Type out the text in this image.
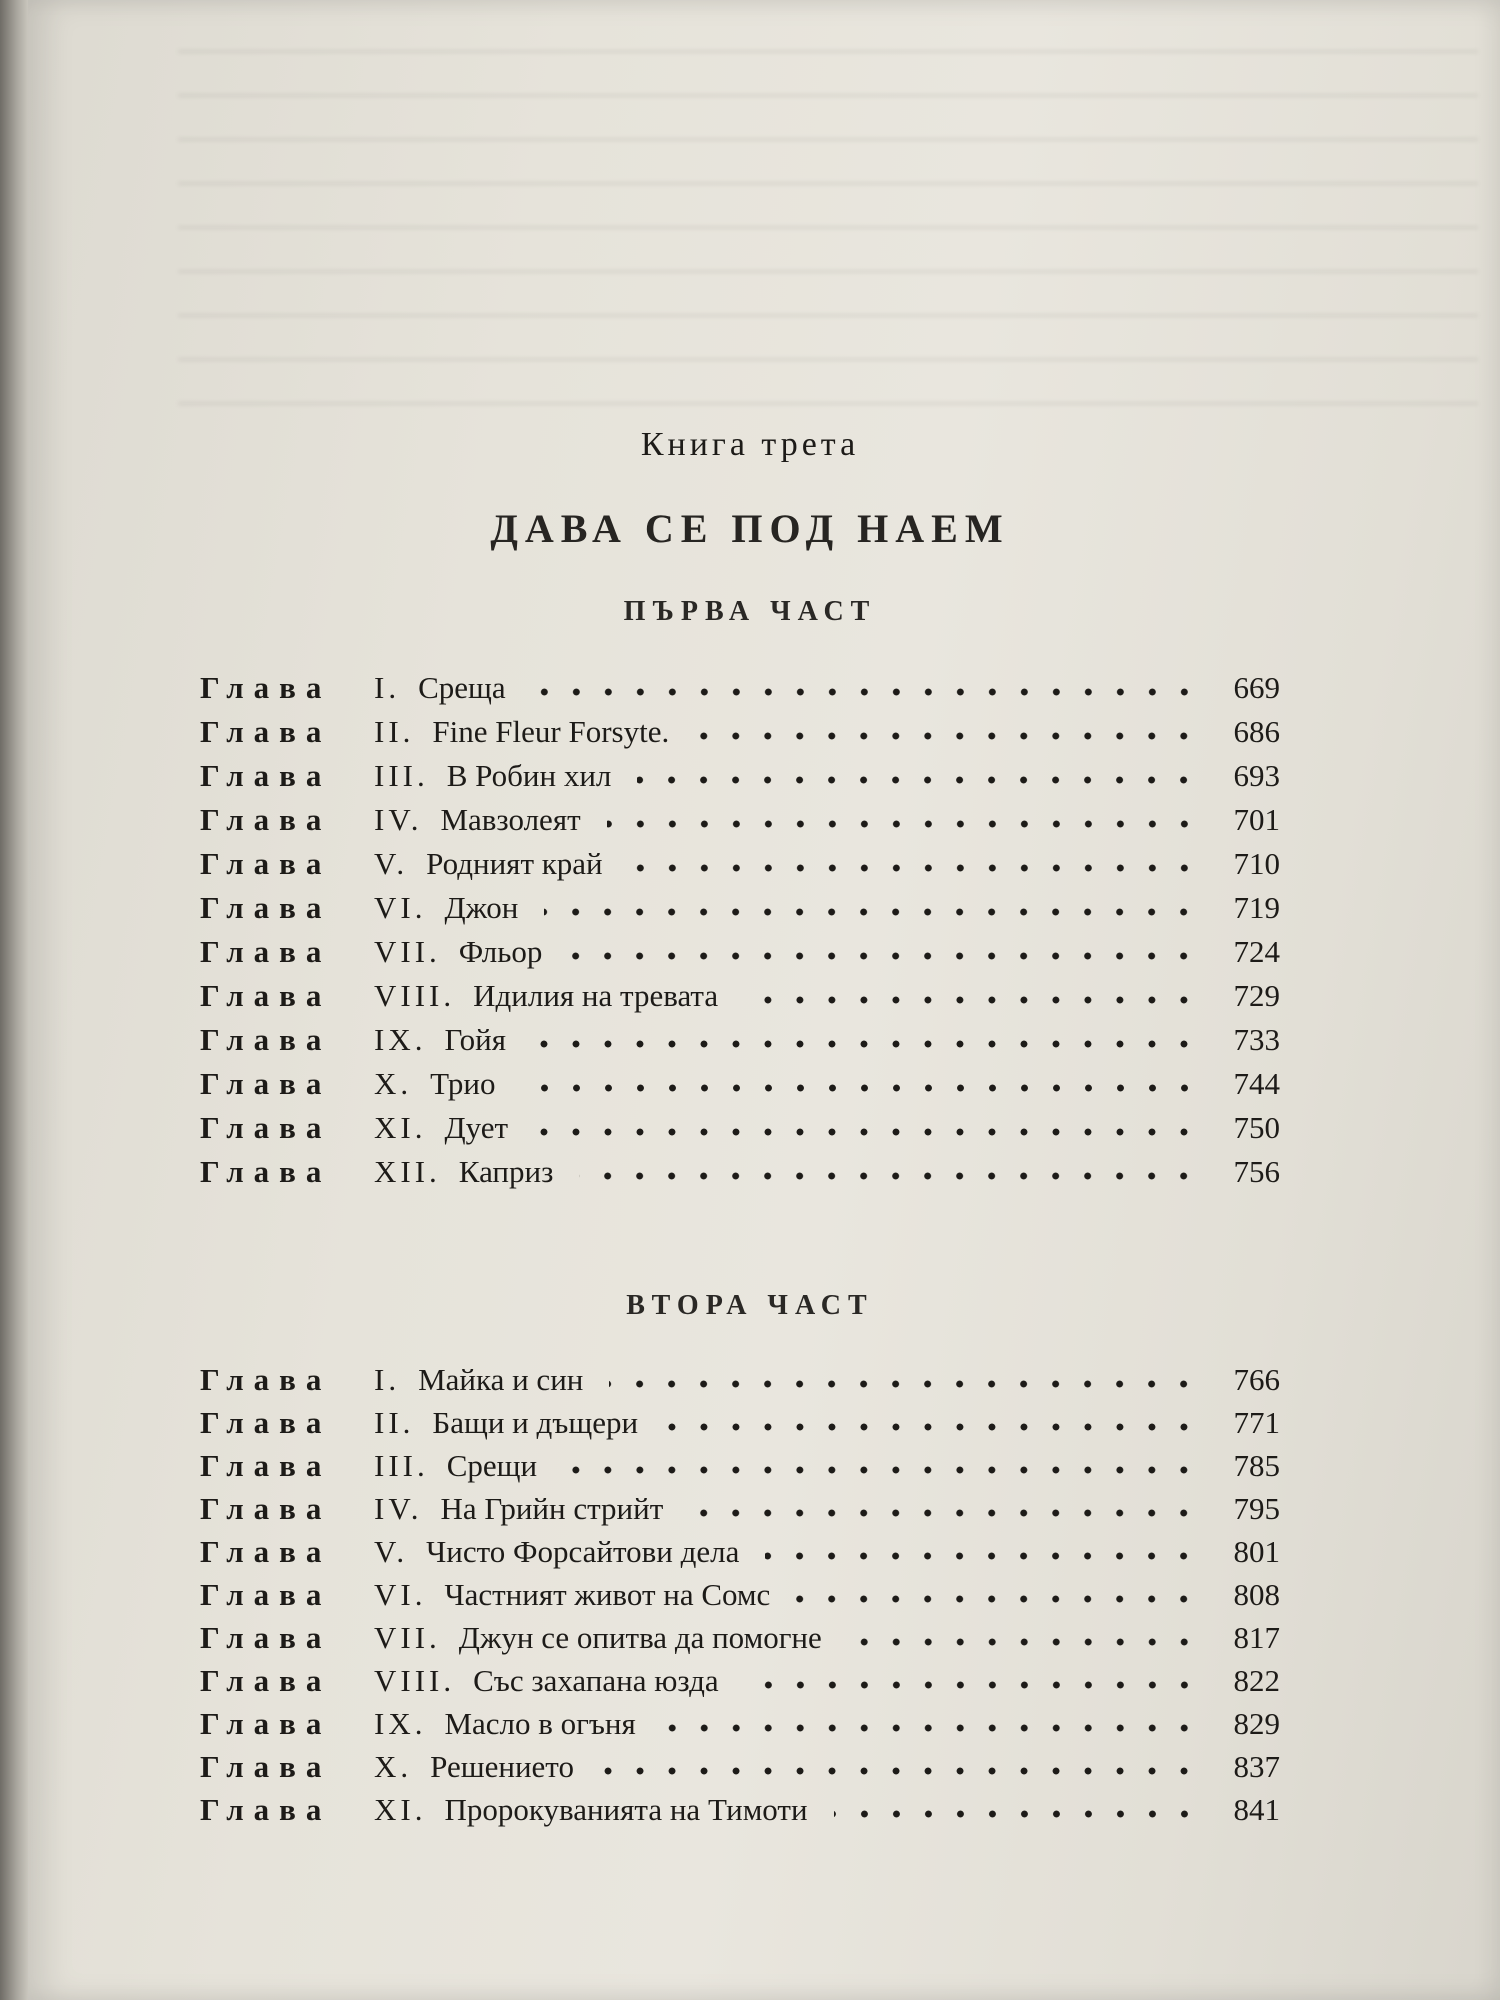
Книга трета
ДАВА СЕ ПОД НАЕМ
ПЪРВА ЧАСТ
Глава	I. Среща	669
Глава	II. Fine Fleur Forsyte.	686
Глава	III. В Робин хил	693
Глава	IV. Мавзолеят	701
Глава	V. Родният край	710
Глава	VI. Джон	719
Глава	VII. Фльор	724
Глава	VIII. Идилия на тревата	729
Глава	IX. Гойя	733
Глава	X. Трио	744
Глава	XI. Дует	750
Глава	XII. Каприз	756
ВТОРА ЧАСТ
Глава	I. Майка и син	766
Глава	II. Бащи и дъщери	771
Глава	III. Срещи	785
Глава	IV. На Грийн стрийт	795
Глава	V. Чисто Форсайтови дела	801
Глава	VI. Частният живот на Сомс	808
Глава	VII. Джун се опитва да помогне	817
Глава	VIII. Със захапана юзда	822
Глава	IX. Масло в огъня	829
Глава	X. Решението	837
Глава	XI. Пророкуванията на Тимоти	841
